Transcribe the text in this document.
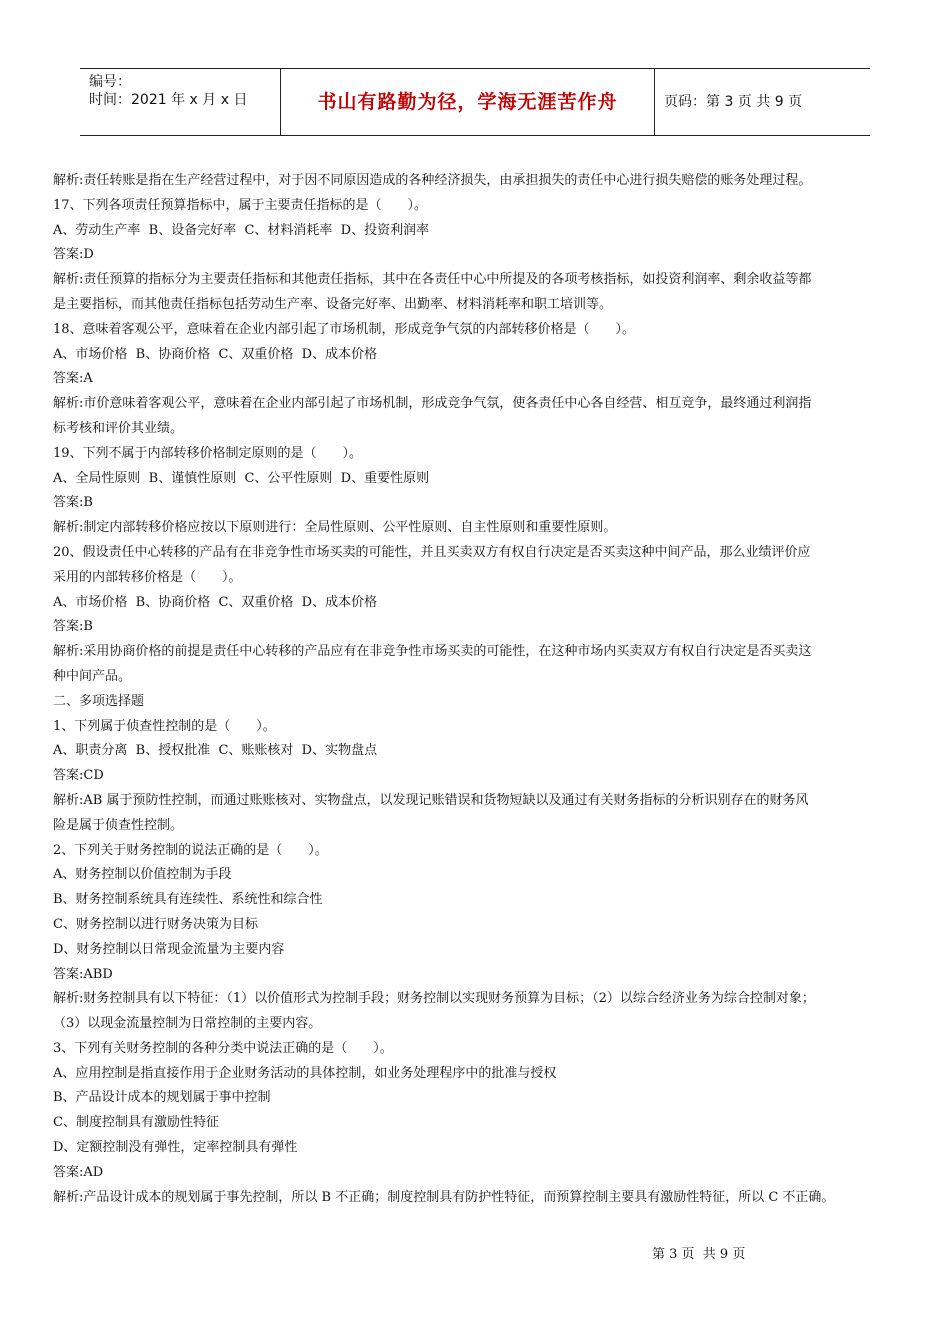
编号：
时间：2021 年 x 月 x 日	书山有路勤为径，学海无涯苦作舟	页码：第 3 页 共 9 页
解析:责任转账是指在生产经营过程中，对于因不同原因造成的各种经济损失，由承担损失的责任中心进行损失赔偿的账务处理过程。
17、下列各项责任预算指标中，属于主要责任指标的是（　　）。
A、劳动生产率  B、设备完好率  C、材料消耗率  D、投资利润率
答案:D
解析:责任预算的指标分为主要责任指标和其他责任指标，其中在各责任中心中所提及的各项考核指标，如投资利润率、剩余收益等都
是主要指标，而其他责任指标包括劳动生产率、设备完好率、出勤率、材料消耗率和职工培训等。
18、意味着客观公平，意味着在企业内部引起了市场机制，形成竞争气氛的内部转移价格是（　　）。
A、市场价格  B、协商价格  C、双重价格  D、成本价格
答案:A
解析:市价意味着客观公平，意味着在企业内部引起了市场机制，形成竞争气氛，使各责任中心各自经营、相互竞争，最终通过利润指
标考核和评价其业绩。
19、下列不属于内部转移价格制定原则的是（　　）。
A、全局性原则  B、谨慎性原则  C、公平性原则  D、重要性原则
答案:B
解析:制定内部转移价格应按以下原则进行：全局性原则、公平性原则、自主性原则和重要性原则。
20、假设责任中心转移的产品有在非竞争性市场买卖的可能性，并且买卖双方有权自行决定是否买卖这种中间产品，那么业绩评价应
采用的内部转移价格是（　　）。
A、市场价格  B、协商价格  C、双重价格  D、成本价格
答案:B
解析:采用协商价格的前提是责任中心转移的产品应有在非竞争性市场买卖的可能性，在这种市场内买卖双方有权自行决定是否买卖这
种中间产品。
二、多项选择题
1、下列属于侦查性控制的是（　　）。
A、职责分离  B、授权批准  C、账账核对  D、实物盘点
答案:CD
解析:AB 属于预防性控制，而通过账账核对、实物盘点，以发现记账错误和货物短缺以及通过有关财务指标的分析识别存在的财务风
险是属于侦查性控制。
2、下列关于财务控制的说法正确的是（　　）。
A、财务控制以价值控制为手段
B、财务控制系统具有连续性、系统性和综合性
C、财务控制以进行财务决策为目标
D、财务控制以日常现金流量为主要内容
答案:ABD
解析:财务控制具有以下特征：（1）以价值形式为控制手段；财务控制以实现财务预算为目标；（2）以综合经济业务为综合控制对象；
（3）以现金流量控制为日常控制的主要内容。
3、下列有关财务控制的各种分类中说法正确的是（　　）。
A、应用控制是指直接作用于企业财务活动的具体控制，如业务处理程序中的批准与授权
B、产品设计成本的规划属于事中控制
C、制度控制具有激励性特征
D、定额控制没有弹性，定率控制具有弹性
答案:AD
解析:产品设计成本的规划属于事先控制，所以 B 不正确；制度控制具有防护性特征，而预算控制主要具有激励性特征，所以 C 不正确。
第 3 页  共 9 页
